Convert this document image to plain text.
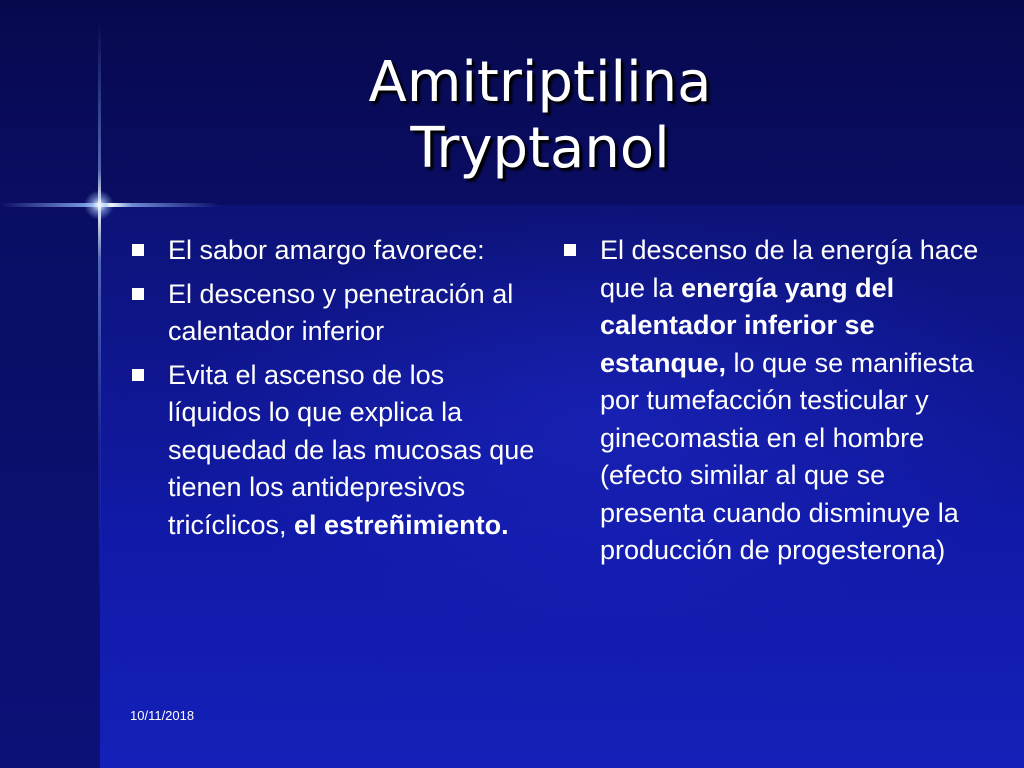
Amitriptilina
Tryptanol
El sabor amargo favorece:
El descenso y penetración al calentador inferior
Evita el ascenso de los líquidos lo que explica la sequedad de las mucosas que tienen los antidepresivos tricíclicos, el estreñimiento.
El descenso de la energía hace que la energía yang del calentador inferior se estanque, lo que se manifiesta por tumefacción testicular y ginecomastia en el hombre (efecto similar al que se presenta cuando disminuye la producción de progesterona)
10/11/2018
